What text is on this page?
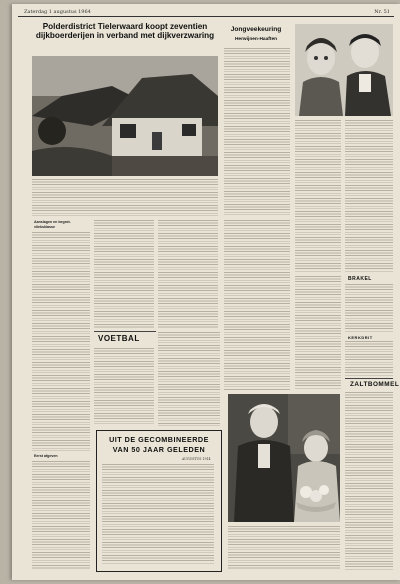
Zaterdag 1 augustus 1964	Nr. 51
Polderdistrict Tielerwaard koopt zeventien
dijkboerderijen in verband met dijkverzwaring
Jongveekeuring
Herwijnen-Haaften
Aanslagen en begrot-
vlieksklasse
Eerst afgeven
VOETBAL
UIT DE GECOMBINEERDE
VAN 50 JAAR GELEDEN
AUGUSTUS 1914
BRAKEL
KERKDRIT
ZALTBOMMEL
